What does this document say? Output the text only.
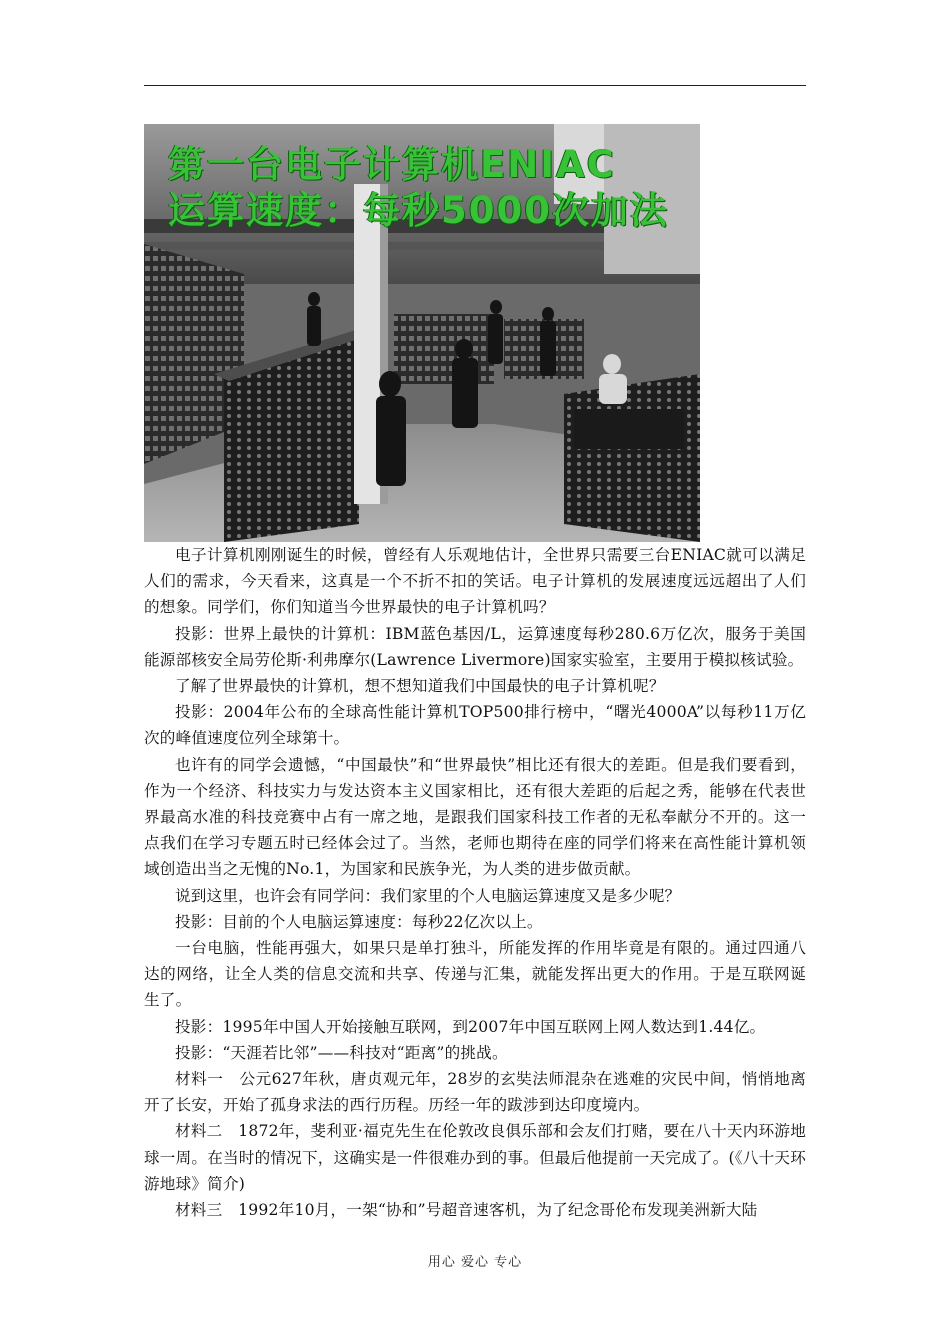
第一台电子计算机ENIAC
运算速度：每秒5000次加法

电子计算机刚刚诞生的时候，曾经有人乐观地估计，全世界只需要三台ENIAC就可以满足人们的需求，今天看来，这真是一个不折不扣的笑话。电子计算机的发展速度远远超出了人们的想象。同学们，你们知道当今世界最快的电子计算机吗？

投影：世界上最快的计算机：IBM蓝色基因/L，运算速度每秒280.6万亿次，服务于美国能源部核安全局劳伦斯·利弗摩尔(Lawrence Livermore)国家实验室，主要用于模拟核试验。

了解了世界最快的计算机，想不想知道我们中国最快的电子计算机呢？

投影：2004年公布的全球高性能计算机TOP500排行榜中，“曙光4000A”以每秒11万亿次的峰值速度位列全球第十。

也许有的同学会遗憾，“中国最快”和“世界最快”相比还有很大的差距。但是我们要看到，作为一个经济、科技实力与发达资本主义国家相比，还有很大差距的后起之秀，能够在代表世界最高水准的科技竞赛中占有一席之地，是跟我们国家科技工作者的无私奉献分不开的。这一点我们在学习专题五时已经体会过了。当然，老师也期待在座的同学们将来在高性能计算机领域创造出当之无愧的No.1，为国家和民族争光，为人类的进步做贡献。

说到这里，也许会有同学问：我们家里的个人电脑运算速度又是多少呢？

投影：目前的个人电脑运算速度：每秒22亿次以上。

一台电脑，性能再强大，如果只是单打独斗，所能发挥的作用毕竟是有限的。通过四通八达的网络，让全人类的信息交流和共享、传递与汇集，就能发挥出更大的作用。于是互联网诞生了。

投影：1995年中国人开始接触互联网，到2007年中国互联网上网人数达到1.44亿。

投影：“天涯若比邻”——科技对“距离”的挑战。

材料一　公元627年秋，唐贞观元年，28岁的玄奘法师混杂在逃难的灾民中间，悄悄地离开了长安，开始了孤身求法的西行历程。历经一年的跋涉到达印度境内。

材料二　1872年，斐利亚·福克先生在伦敦改良俱乐部和会友们打赌，要在八十天内环游地球一周。在当时的情况下，这确实是一件很难办到的事。但最后他提前一天完成了。(《八十天环游地球》简介)

材料三　1992年10月，一架“协和”号超音速客机，为了纪念哥伦布发现美洲新大陆

用心 爱心 专心
